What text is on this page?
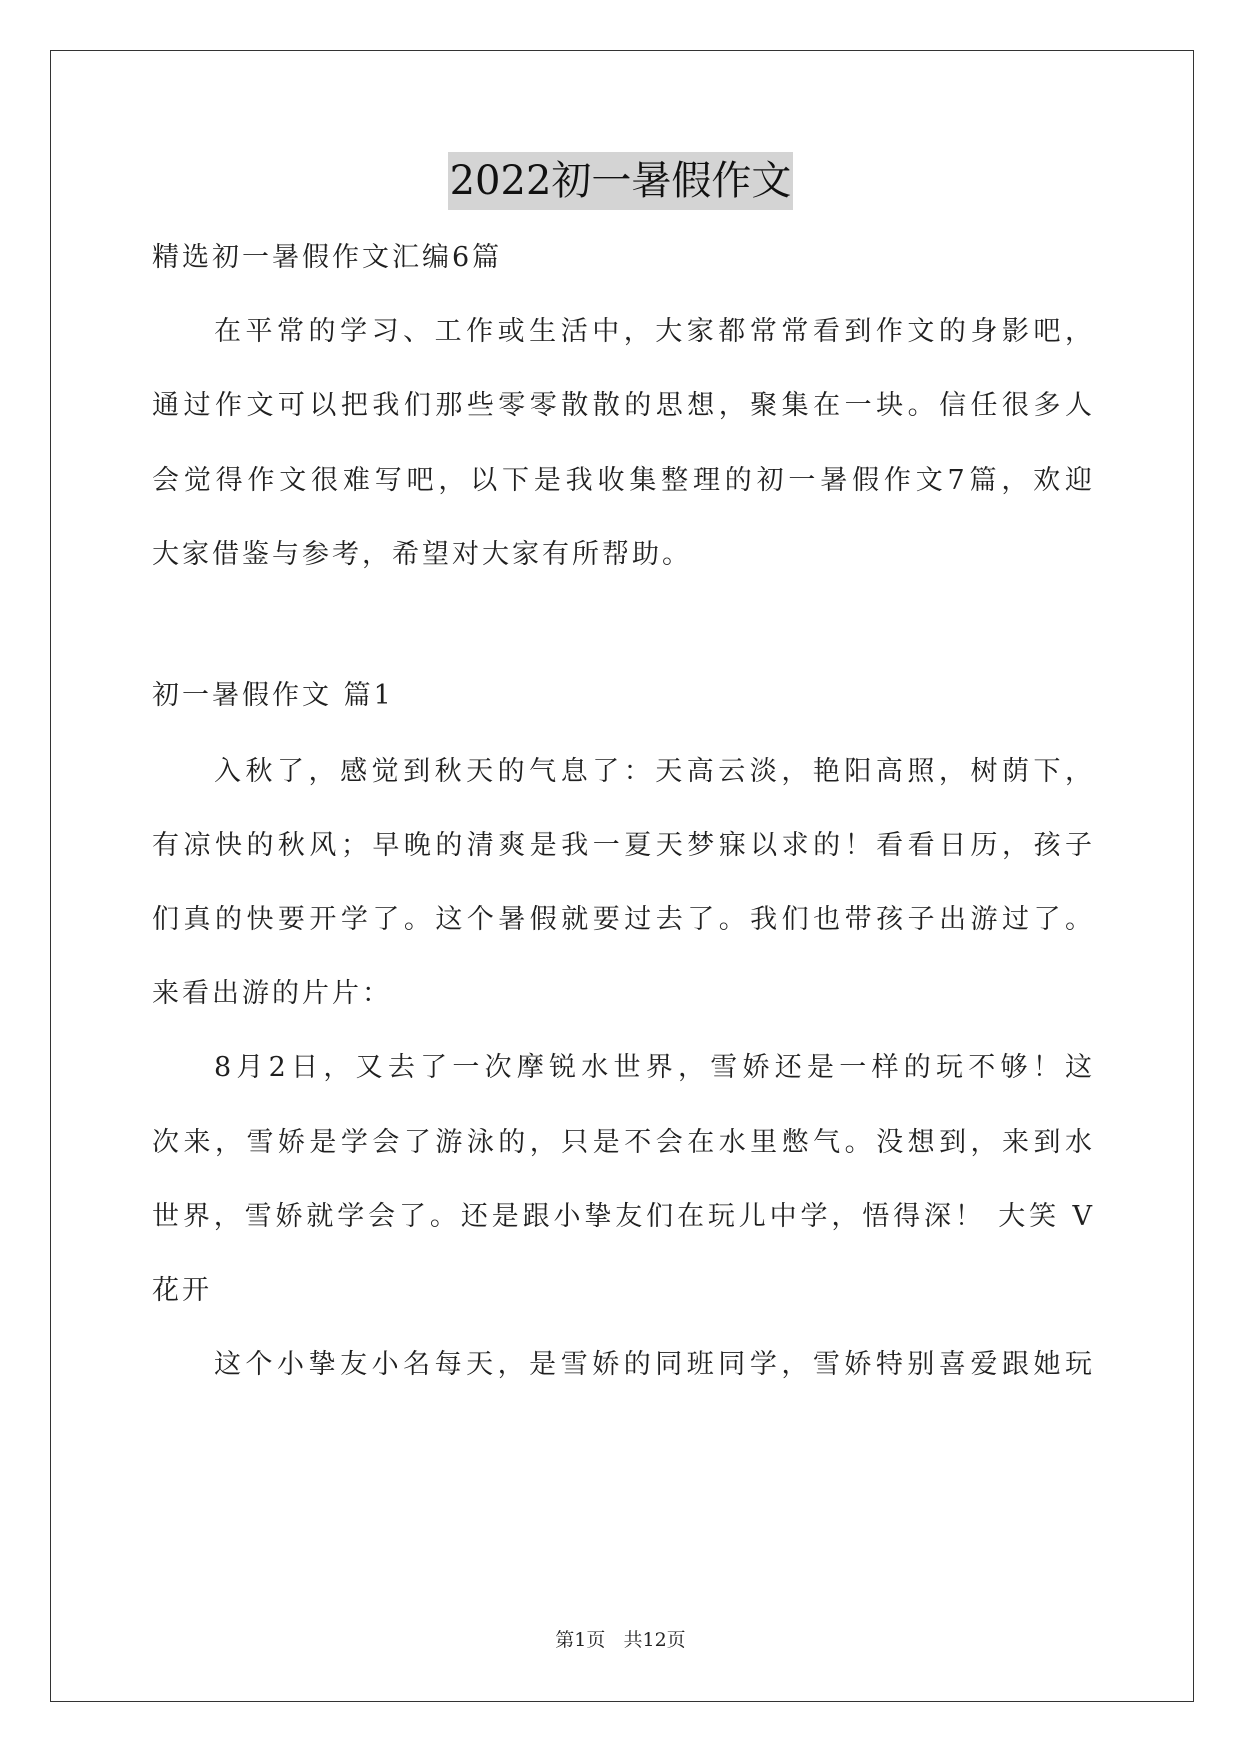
2022初一暑假作文
精选初一暑假作文汇编6篇
在平常的学习、工作或生活中，大家都常常看到作文的身影吧，
通过作文可以把我们那些零零散散的思想，聚集在一块。信任很多人
会觉得作文很难写吧，以下是我收集整理的初一暑假作文7篇，欢迎
大家借鉴与参考，希望对大家有所帮助。
初一暑假作文 篇1
入秋了，感觉到秋天的气息了：天高云淡，艳阳高照，树荫下，
有凉快的秋风；早晚的清爽是我一夏天梦寐以求的！看看日历，孩子
们真的快要开学了。这个暑假就要过去了。我们也带孩子出游过了。
来看出游的片片：
8月2日，又去了一次摩锐水世界，雪娇还是一样的玩不够！这
次来，雪娇是学会了游泳的，只是不会在水里憋气。没想到，来到水
世界，雪娇就学会了。还是跟小挚友们在玩儿中学，悟得深！ 大笑 V
花开
这个小挚友小名每天，是雪娇的同班同学，雪娇特别喜爱跟她玩
第1页   共12页
